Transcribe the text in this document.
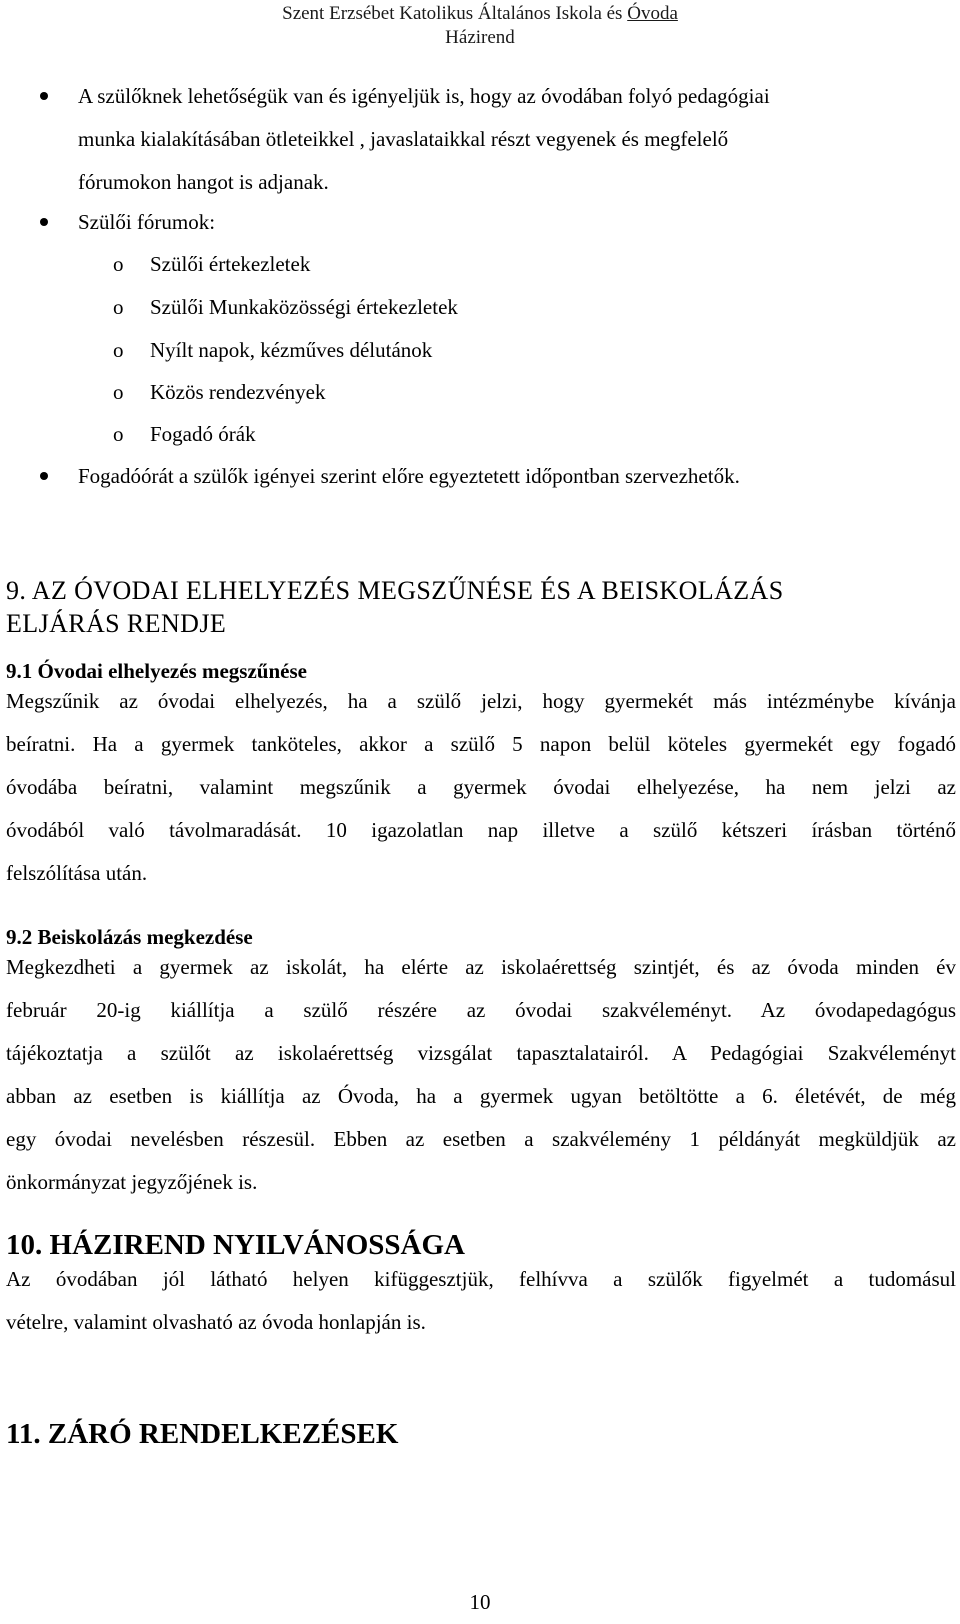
Szent Erzsébet Katolikus Általános Iskola és Óvoda
Házirend
A szülőknek lehetőségük van és igényeljük is, hogy az óvodában folyó pedagógiai
munka kialakításában ötleteikkel , javaslataikkal részt vegyenek és megfelelő
fórumokon hangot is adjanak.
Szülői fórumok:
o Szülői értekezletek
o Szülői Munkaközösségi értekezletek
o Nyílt napok, kézműves délutánok
o Közös rendezvények
o Fogadó órák
Fogadóórát a szülők igényei szerint előre egyeztetett időpontban szervezhetők.
9. AZ ÓVODAI ELHELYEZÉS MEGSZŰNÉSE ÉS A BEISKOLÁZÁS
ELJÁRÁS RENDJE
9.1 Óvodai elhelyezés megszűnése
Megszűnik az óvodai elhelyezés, ha a szülő jelzi, hogy gyermekét más intézménybe kívánja
beíratni. Ha a gyermek tanköteles, akkor a szülő 5 napon belül köteles gyermekét egy fogadó
óvodába beíratni, valamint megszűnik a gyermek óvodai elhelyezése, ha nem jelzi az
óvodából való távolmaradását. 10 igazolatlan nap illetve a szülő kétszeri írásban történő
felszólítása után.
9.2 Beiskolázás megkezdése
Megkezdheti a gyermek az iskolát, ha elérte az iskolaérettség szintjét, és az óvoda minden év
február 20-ig kiállítja a szülő részére az óvodai szakvéleményt. Az óvodapedagógus
tájékoztatja a szülőt az iskolaérettség vizsgálat tapasztalatairól. A Pedagógiai Szakvéleményt
abban az esetben is kiállítja az Óvoda, ha a gyermek ugyan betöltötte a 6. életévét, de még
egy óvodai nevelésben részesül. Ebben az esetben a szakvélemény 1 példányát megküldjük az
önkormányzat jegyzőjének is.
10. HÁZIREND NYILVÁNOSSÁGA
Az óvodában jól látható helyen kifüggesztjük, felhívva a szülők figyelmét a tudomásul
vételre, valamint olvasható az óvoda honlapján is.
11. ZÁRÓ RENDELKEZÉSEK
10
